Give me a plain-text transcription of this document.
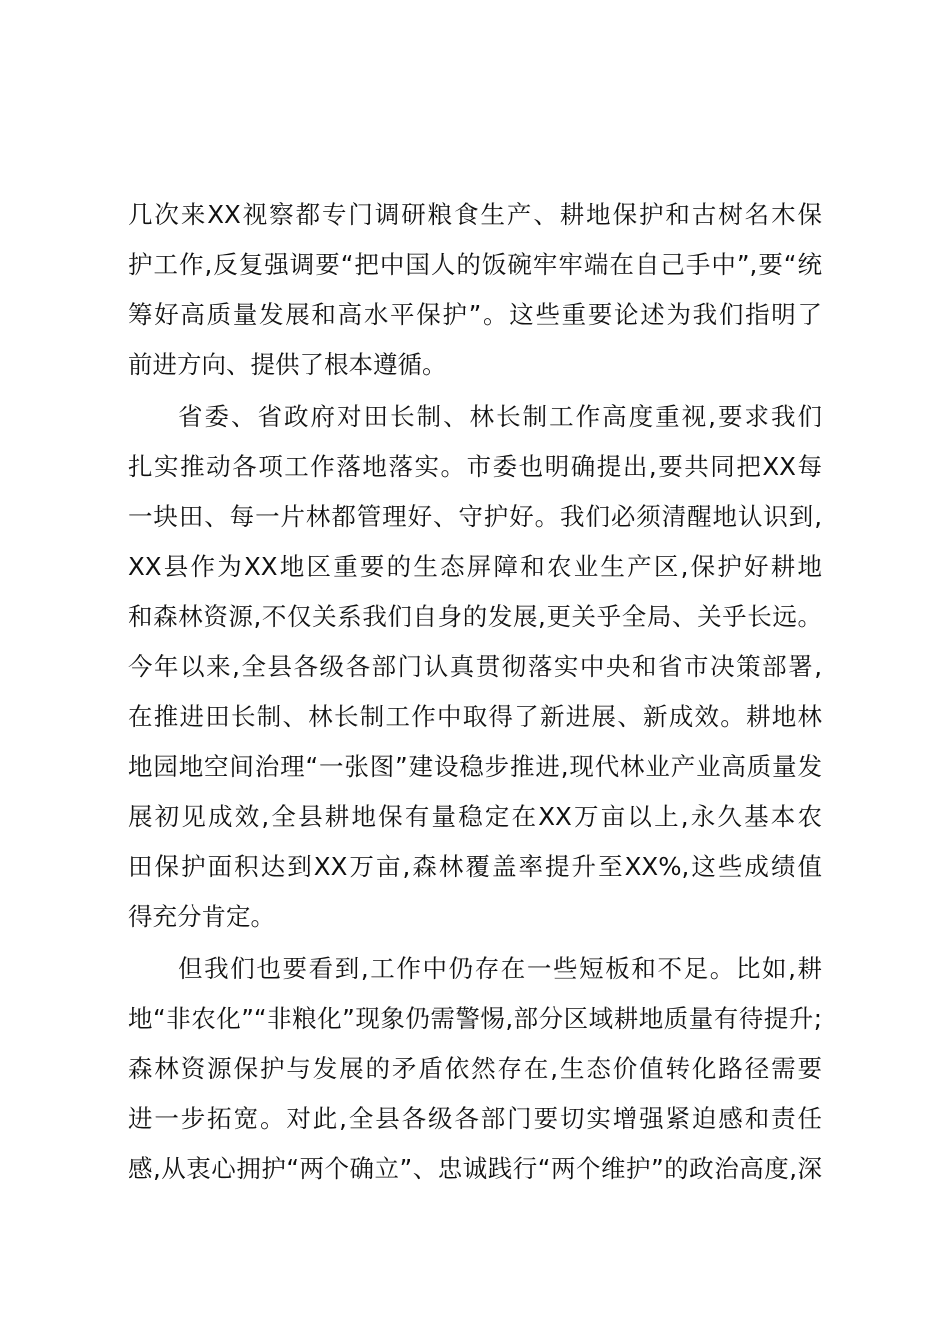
几次来XX视察都专门调研粮食生产、耕地保护和古树名木保
护工作,反复强调要“把中国人的饭碗牢牢端在自己手中”,要“统
筹好高质量发展和高水平保护”。这些重要论述为我们指明了
前进方向、提供了根本遵循。
省委、省政府对田长制、林长制工作高度重视,要求我们
扎实推动各项工作落地落实。市委也明确提出,要共同把XX每
一块田、每一片林都管理好、守护好。我们必须清醒地认识到,
XX县作为XX地区重要的生态屏障和农业生产区,保护好耕地
和森林资源,不仅关系我们自身的发展,更关乎全局、关乎长远。
今年以来,全县各级各部门认真贯彻落实中央和省市决策部署,
在推进田长制、林长制工作中取得了新进展、新成效。耕地林
地园地空间治理“一张图”建设稳步推进,现代林业产业高质量发
展初见成效,全县耕地保有量稳定在XX万亩以上,永久基本农
田保护面积达到XX万亩,森林覆盖率提升至XX%,这些成绩值
得充分肯定。
但我们也要看到,工作中仍存在一些短板和不足。比如,耕
地“非农化”“非粮化”现象仍需警惕,部分区域耕地质量有待提升;
森林资源保护与发展的矛盾依然存在,生态价值转化路径需要
进一步拓宽。对此,全县各级各部门要切实增强紧迫感和责任
感,从衷心拥护“两个确立”、忠诚践行“两个维护”的政治高度,深
